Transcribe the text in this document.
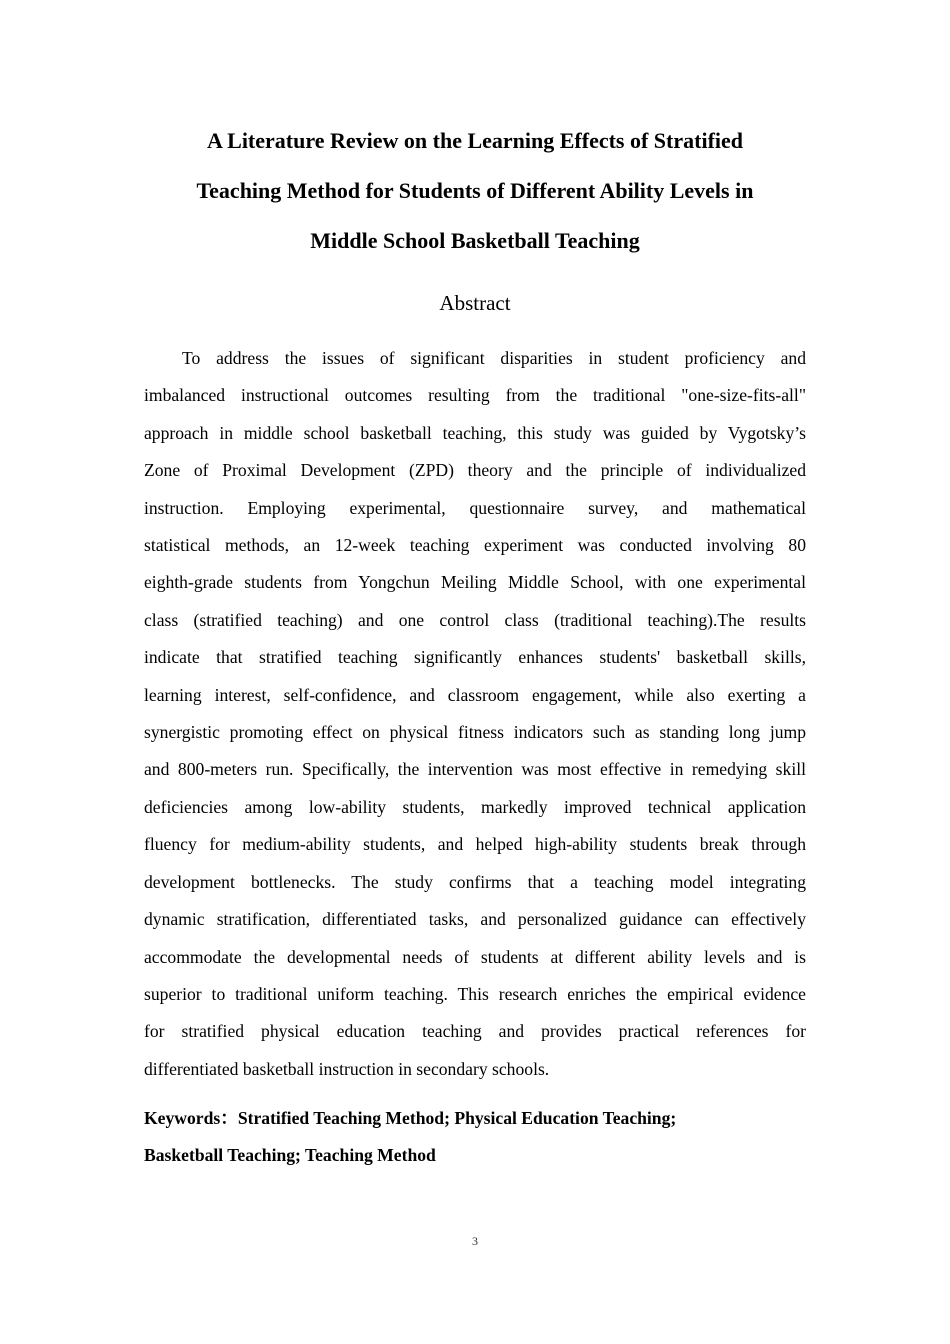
A Literature Review on the Learning Effects of Stratified
Teaching Method for Students of Different Ability Levels in
Middle School Basketball Teaching
Abstract

To address the issues of significant disparities in student proficiency and
imbalanced instructional outcomes resulting from the traditional "one-size-fits-all"
approach in middle school basketball teaching, this study was guided by Vygotsky’s
Zone of Proximal Development (ZPD) theory and the principle of individualized
instruction. Employing experimental, questionnaire survey, and mathematical
statistical methods, an 12-week teaching experiment was conducted involving 80
eighth-grade students from Yongchun Meiling Middle School, with one experimental
class (stratified teaching) and one control class (traditional teaching).The results
indicate that stratified teaching significantly enhances students' basketball skills,
learning interest, self-confidence, and classroom engagement, while also exerting a
synergistic promoting effect on physical fitness indicators such as standing long jump
and 800-meters run. Specifically, the intervention was most effective in remedying skill
deficiencies among low-ability students, markedly improved technical application
fluency for medium-ability students, and helped high-ability students break through
development bottlenecks. The study confirms that a teaching model integrating
dynamic stratification, differentiated tasks, and personalized guidance can effectively
accommodate the developmental needs of students at different ability levels and is
superior to traditional uniform teaching. This research enriches the empirical evidence
for stratified physical education teaching and provides practical references for
differentiated basketball instruction in secondary schools.

Keywords：Stratified Teaching Method; Physical Education Teaching;
Basketball Teaching; Teaching Method

3
